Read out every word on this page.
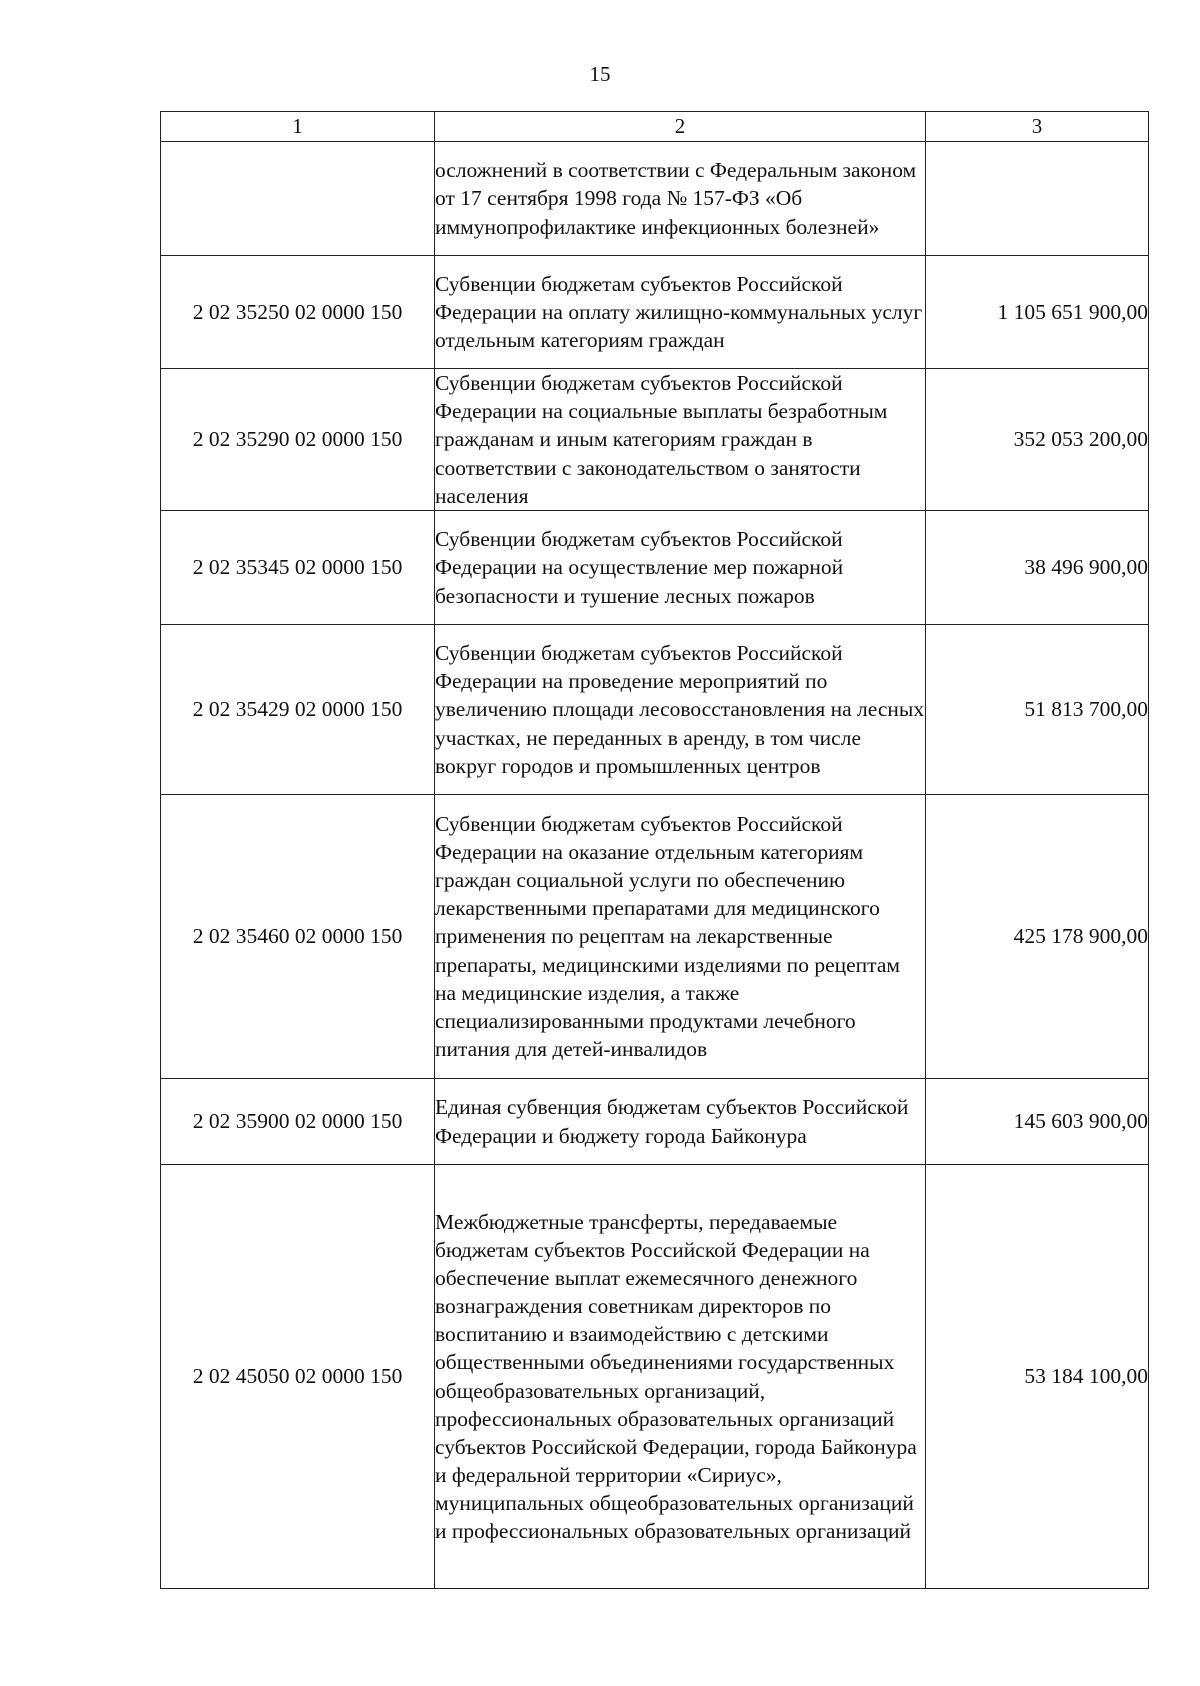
15
1	2	3
	осложнений в соответствии с Федеральным законом от 17 сентября 1998 года № 157-ФЗ «Об иммунопрофилактике инфекционных болезней»	
2 02 35250 02 0000 150	Субвенции бюджетам субъектов Российской Федерации на оплату жилищно-коммунальных услуг отдельным категориям граждан	1 105 651 900,00
2 02 35290 02 0000 150	Субвенции бюджетам субъектов Российской Федерации на социальные выплаты безработным гражданам и иным категориям граждан в соответствии с законодательством о занятости населения	352 053 200,00
2 02 35345 02 0000 150	Субвенции бюджетам субъектов Российской Федерации на осуществление мер пожарной безопасности и тушение лесных пожаров	38 496 900,00
2 02 35429 02 0000 150	Субвенции бюджетам субъектов Российской Федерации на проведение мероприятий по увеличению площади лесовосстановления на лесных участках, не переданных в аренду, в том числе вокруг городов и промышленных центров	51 813 700,00
2 02 35460 02 0000 150	Субвенции бюджетам субъектов Российской Федерации на оказание отдельным категориям граждан социальной услуги по обеспечению лекарственными препаратами для медицинского применения по рецептам на лекарственные препараты, медицинскими изделиями по рецептам на медицинские изделия, а также специализированными продуктами лечебного питания для детей-инвалидов	425 178 900,00
2 02 35900 02 0000 150	Единая субвенция бюджетам субъектов Российской Федерации и бюджету города Байконура	145 603 900,00
2 02 45050 02 0000 150	Межбюджетные трансферты, передаваемые бюджетам субъектов Российской Федерации на обеспечение выплат ежемесячного денежного вознаграждения советникам директоров по воспитанию и взаимодействию с детскими общественными объединениями государственных общеобразовательных организаций, профессиональных образовательных организаций субъектов Российской Федерации, города Байконура и федеральной территории «Сириус», муниципальных общеобразовательных организаций и профессиональных образовательных организаций	53 184 100,00
